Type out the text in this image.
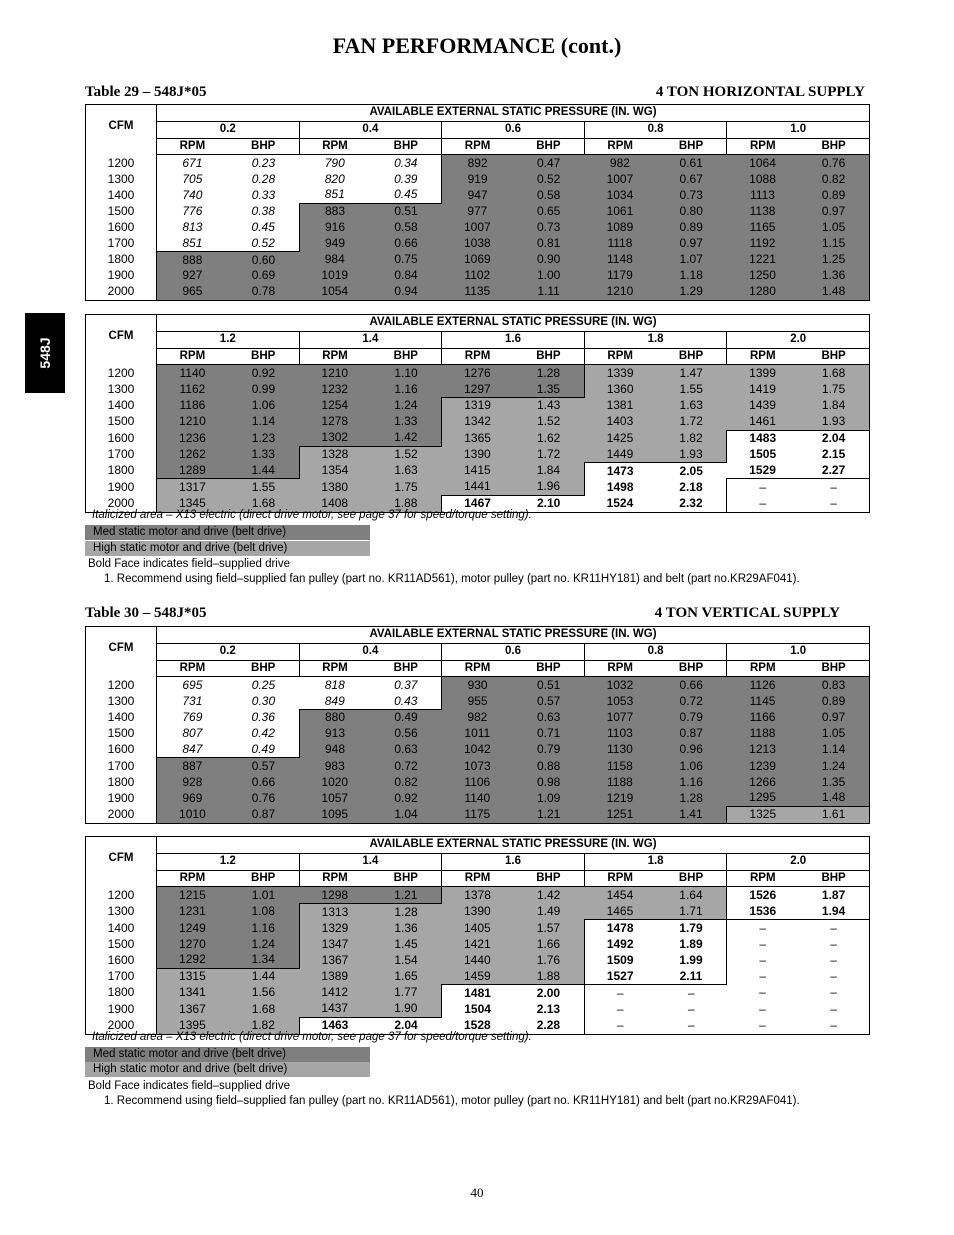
FAN PERFORMANCE (cont.)
548J
Table 29 – 548J*05	4 TON HORIZONTAL SUPPLY
CFM	AVAILABLE EXTERNAL STATIC PRESSURE (IN. WG)									
	0.2		0.4		0.6		0.8		1.0	
	RPM	BHP	RPM	BHP	RPM	BHP	RPM	BHP	RPM	BHP
1200	671	0.23	790	0.34	892	0.47	982	0.61	1064	0.76
1300	705	0.28	820	0.39	919	0.52	1007	0.67	1088	0.82
1400	740	0.33	851	0.45	947	0.58	1034	0.73	1113	0.89
1500	776	0.38	883	0.51	977	0.65	1061	0.80	1138	0.97
1600	813	0.45	916	0.58	1007	0.73	1089	0.89	1165	1.05
1700	851	0.52	949	0.66	1038	0.81	1118	0.97	1192	1.15
1800	888	0.60	984	0.75	1069	0.90	1148	1.07	1221	1.25
1900	927	0.69	1019	0.84	1102	1.00	1179	1.18	1250	1.36
2000	965	0.78	1054	0.94	1135	1.11	1210	1.29	1280	1.48
CFM	AVAILABLE EXTERNAL STATIC PRESSURE (IN. WG)									
	1.2		1.4		1.6		1.8		2.0	
	RPM	BHP	RPM	BHP	RPM	BHP	RPM	BHP	RPM	BHP
1200	1140	0.92	1210	1.10	1276	1.28	1339	1.47	1399	1.68
1300	1162	0.99	1232	1.16	1297	1.35	1360	1.55	1419	1.75
1400	1186	1.06	1254	1.24	1319	1.43	1381	1.63	1439	1.84
1500	1210	1.14	1278	1.33	1342	1.52	1403	1.72	1461	1.93
1600	1236	1.23	1302	1.42	1365	1.62	1425	1.82	1483	2.04
1700	1262	1.33	1328	1.52	1390	1.72	1449	1.93	1505	2.15
1800	1289	1.44	1354	1.63	1415	1.84	1473	2.05	1529	2.27
1900	1317	1.55	1380	1.75	1441	1.96	1498	2.18	–	–
2000	1345	1.68	1408	1.88	1467	2.10	1524	2.32	–	–
Italicized area – X13 electric (direct drive motor, see page 37 for speed/torque setting).
Med static motor and drive (belt drive)
High static motor and drive (belt drive)
Bold Face indicates field–supplied drive
1. Recommend using field–supplied fan pulley (part no. KR11AD561), motor pulley (part no. KR11HY181) and belt (part no.KR29AF041).
Table 30 – 548J*05	4 TON VERTICAL SUPPLY
CFM	AVAILABLE EXTERNAL STATIC PRESSURE (IN. WG)									
	0.2		0.4		0.6		0.8		1.0	
	RPM	BHP	RPM	BHP	RPM	BHP	RPM	BHP	RPM	BHP
1200	695	0.25	818	0.37	930	0.51	1032	0.66	1126	0.83
1300	731	0.30	849	0.43	955	0.57	1053	0.72	1145	0.89
1400	769	0.36	880	0.49	982	0.63	1077	0.79	1166	0.97
1500	807	0.42	913	0.56	1011	0.71	1103	0.87	1188	1.05
1600	847	0.49	948	0.63	1042	0.79	1130	0.96	1213	1.14
1700	887	0.57	983	0.72	1073	0.88	1158	1.06	1239	1.24
1800	928	0.66	1020	0.82	1106	0.98	1188	1.16	1266	1.35
1900	969	0.76	1057	0.92	1140	1.09	1219	1.28	1295	1.48
2000	1010	0.87	1095	1.04	1175	1.21	1251	1.41	1325	1.61
CFM	AVAILABLE EXTERNAL STATIC PRESSURE (IN. WG)									
	1.2		1.4		1.6		1.8		2.0	
	RPM	BHP	RPM	BHP	RPM	BHP	RPM	BHP	RPM	BHP
1200	1215	1.01	1298	1.21	1378	1.42	1454	1.64	1526	1.87
1300	1231	1.08	1313	1.28	1390	1.49	1465	1.71	1536	1.94
1400	1249	1.16	1329	1.36	1405	1.57	1478	1.79	–	–
1500	1270	1.24	1347	1.45	1421	1.66	1492	1.89	–	–
1600	1292	1.34	1367	1.54	1440	1.76	1509	1.99	–	–
1700	1315	1.44	1389	1.65	1459	1.88	1527	2.11	–	–
1800	1341	1.56	1412	1.77	1481	2.00	–	–	–	–
1900	1367	1.68	1437	1.90	1504	2.13	–	–	–	–
2000	1395	1.82	1463	2.04	1528	2.28	–	–	–	–
Italicized area – X13 electric (direct drive motor, see page 37 for speed/torque setting).
Med static motor and drive (belt drive)
High static motor and drive (belt drive)
Bold Face indicates field–supplied drive
1. Recommend using field–supplied fan pulley (part no. KR11AD561), motor pulley (part no. KR11HY181) and belt (part no.KR29AF041).
40
